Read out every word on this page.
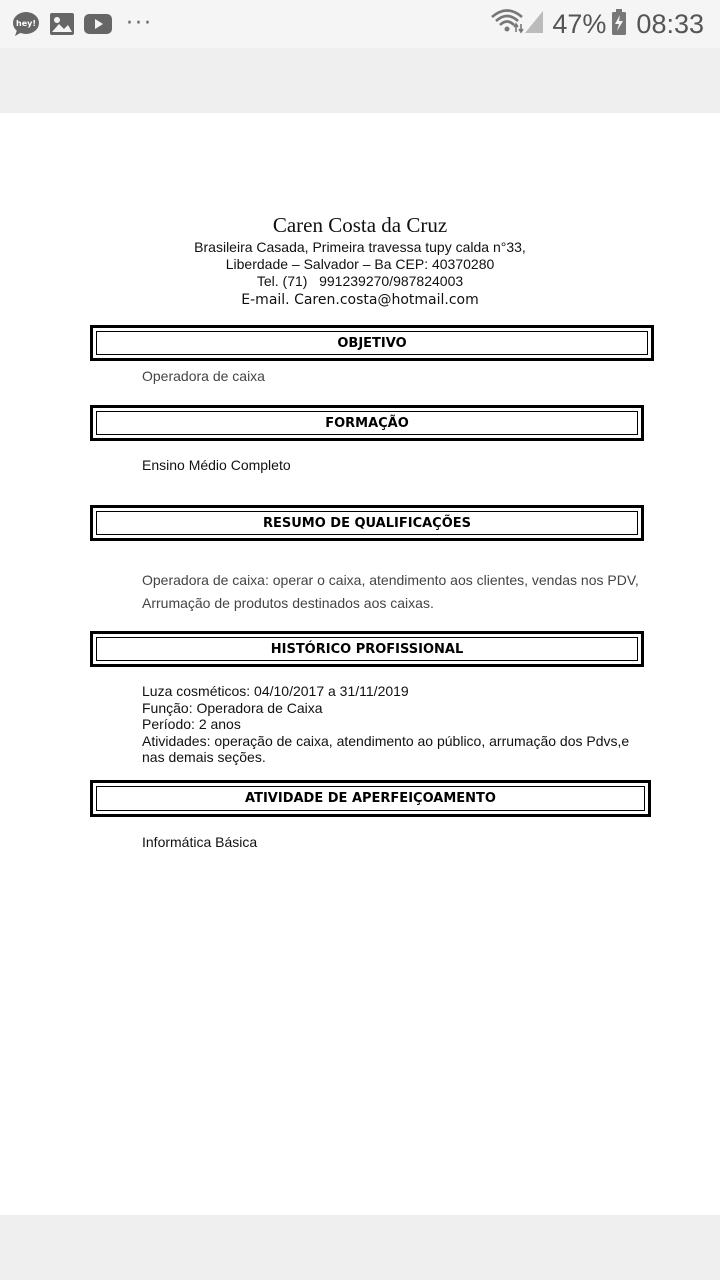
hey!	···	47% 08:33
Caren Costa da Cruz
Brasileira Casada, Primeira travessa tupy calda n°33,
Liberdade – Salvador – Ba CEP: 40370280
Tel. (71)   991239270/987824003
E-mail. Caren.costa@hotmail.com
OBJETIVO
Operadora de caixa
FORMAÇÃO
Ensino Médio Completo
RESUMO DE QUALIFICAÇÕES
Operadora de caixa: operar o caixa, atendimento aos clientes, vendas nos PDV,
Arrumação de produtos destinados aos caixas.
HISTÓRICO PROFISSIONAL
Luza cosméticos: 04/10/2017 a 31/11/2019
Função: Operadora de Caixa
Período: 2 anos
Atividades: operação de caixa, atendimento ao público, arrumação dos Pdvs,e
nas demais seções.
ATIVIDADE DE APERFEIÇOAMENTO
Informática Básica
